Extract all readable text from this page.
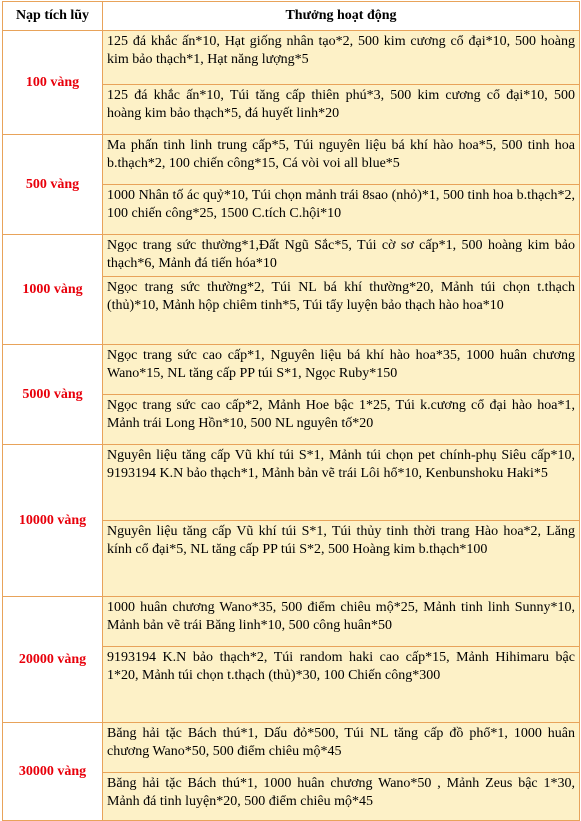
Nạp tích lũy	Thưởng hoạt động
100 vàng	125 đá khắc ấn*10, Hạt giống nhân tạo*2, 500 kim cương cổ đại*10, 500 hoàng kim bảo thạch*1, Hạt năng lượng*5
	125 đá khắc ấn*10, Túi tăng cấp thiên phú*3, 500 kim cương cổ đại*10, 500 hoàng kim bảo thạch*5, đá huyết linh*20
500 vàng	Ma phấn tinh linh trung cấp*5, Túi nguyên liệu bá khí hào hoa*5, 500 tinh hoa b.thạch*2, 100 chiến công*15, Cá vòi voi all blue*5
	1000 Nhân tố ác quỷ*10, Túi chọn mảnh trái 8sao (nhỏ)*1, 500 tinh hoa b.thạch*2, 100 chiến công*25, 1500 C.tích C.hội*10
1000 vàng	Ngọc trang sức thường*1,Đất Ngũ Sắc*5, Túi cờ sơ cấp*1, 500 hoàng kim bảo thạch*6, Mảnh đá tiến hóa*10
	Ngọc trang sức thường*2, Túi NL bá khí thường*20, Mảnh túi chọn t.thạch (thủ)*10, Mảnh hộp chiêm tinh*5, Túi tẩy luyện bảo thạch hào hoa*10
5000 vàng	Ngọc trang sức cao cấp*1, Nguyên liệu bá khí hào hoa*35, 1000 huân chương Wano*15, NL tăng cấp PP túi S*1, Ngọc Ruby*150
	Ngọc trang sức cao cấp*2, Mảnh Hoe bậc 1*25, Túi k.cương cổ đại hào hoa*1, Mảnh trái Long Hồn*10, 500 NL nguyên tố*20
10000 vàng	Nguyên liệu tăng cấp Vũ khí túi S*1, Mảnh túi chọn pet chính-phụ Siêu cấp*10, 9193194 K.N bảo thạch*1, Mảnh bản vẽ trái Lôi hổ*10, Kenbunshoku Haki*5
	Nguyên liệu tăng cấp Vũ khí túi S*1, Túi thủy tinh thời trang Hào hoa*2, Lăng kính cổ đại*5, NL tăng cấp PP túi S*2, 500 Hoàng kim b.thạch*100
20000 vàng	1000 huân chương Wano*35, 500 điểm chiêu mộ*25, Mảnh tinh linh Sunny*10, Mảnh bản vẽ trái Băng linh*10, 500 công huân*50
	9193194 K.N bảo thạch*2, Túi random haki cao cấp*15, Mảnh Hihimaru bậc 1*20, Mảnh túi chọn t.thạch (thủ)*30, 100 Chiến công*300
30000 vàng	Băng hải tặc Bách thú*1, Dấu đỏ*500, Túi NL tăng cấp đồ phổ*1, 1000 huân chương Wano*50, 500 điểm chiêu mộ*45
	Băng hải tặc Bách thú*1, 1000 huân chương Wano*50 , Mảnh Zeus bậc 1*30, Mảnh đá tinh luyện*20, 500 điểm chiêu mộ*45
